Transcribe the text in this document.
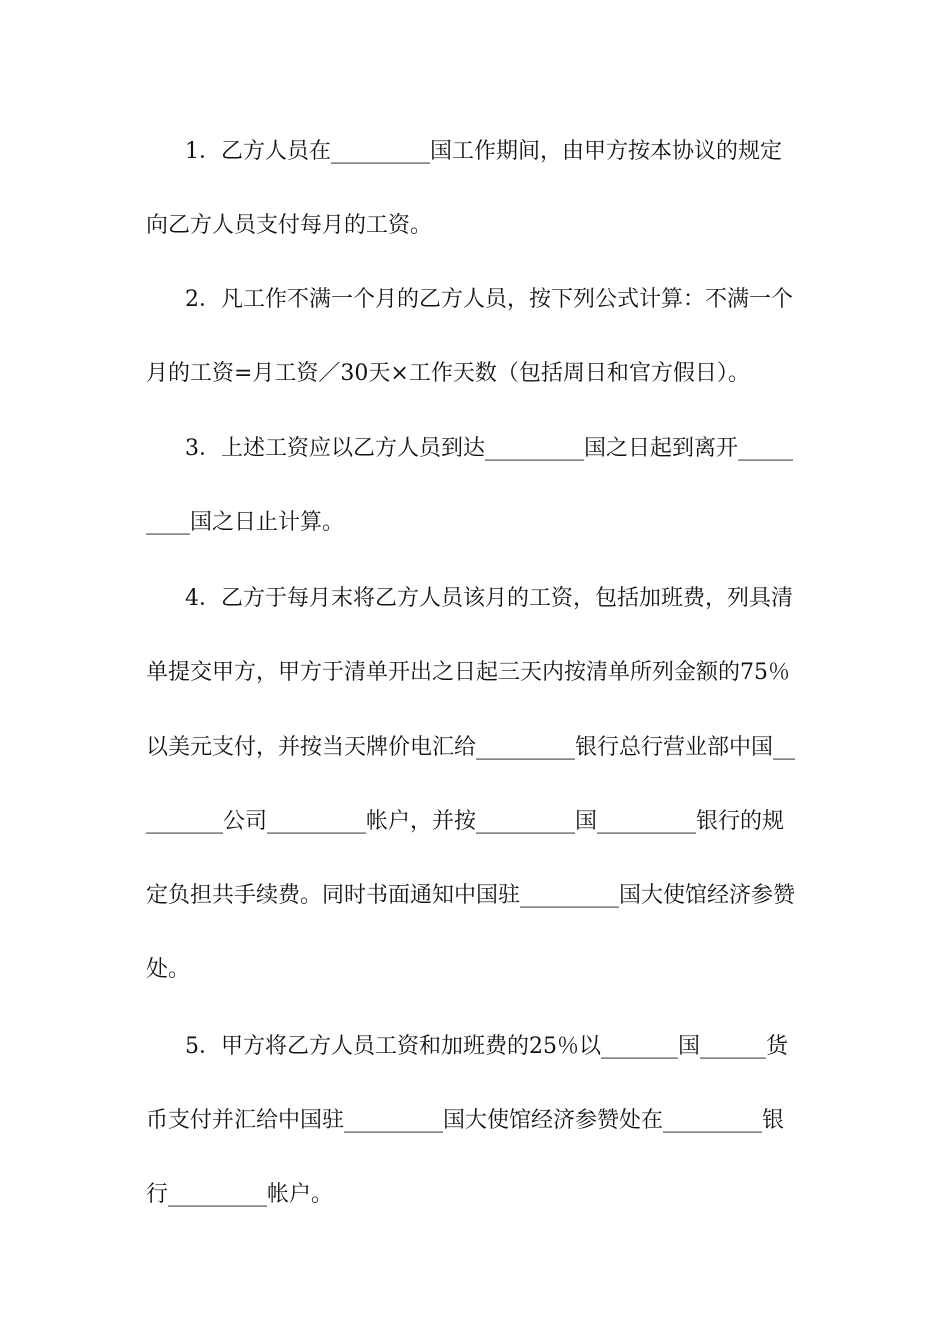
1．乙方人员在_________国工作期间，由甲方按本协议的规定

向乙方人员支付每月的工资。

2．凡工作不满一个月的乙方人员，按下列公式计算：不满一个

月的工资=月工资／30天×工作天数（包括周日和官方假日）。

3．上述工资应以乙方人员到达_________国之日起到离开_____

____国之日止计算。

4．乙方于每月末将乙方人员该月的工资，包括加班费，列具清

单提交甲方，甲方于清单开出之日起三天内按清单所列金额的75％

以美元支付，并按当天牌价电汇给_________银行总行营业部中国__

_______公司_________帐户，并按_________国_________银行的规

定负担共手续费。同时书面通知中国驻_________国大使馆经济参赞

处。

5．甲方将乙方人员工资和加班费的25％以_______国______货

币支付并汇给中国驻_________国大使馆经济参赞处在_________银

行_________帐户。
